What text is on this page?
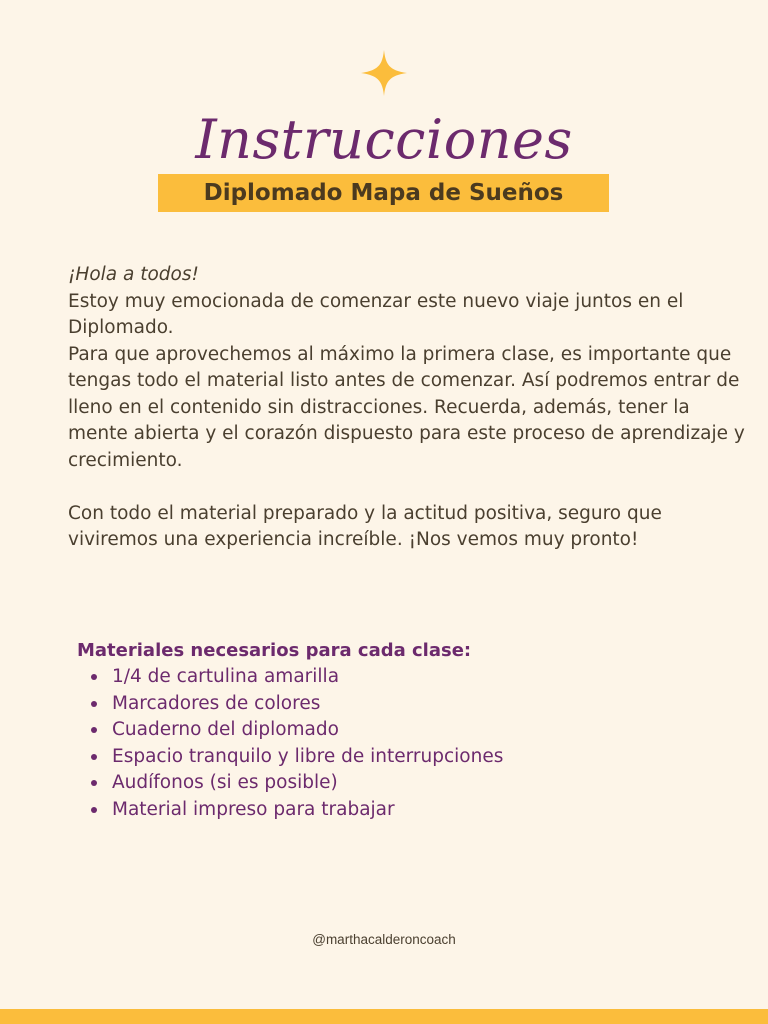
Instrucciones
Diplomado Mapa de Sueños

¡Hola a todos!

Estoy muy emocionada de comenzar este nuevo viaje juntos en el Diplomado.

Para que aprovechemos al máximo la primera clase, es importante que tengas todo el material listo antes de comenzar. Así podremos entrar de lleno en el contenido sin distracciones. Recuerda, además, tener la mente abierta y el corazón dispuesto para este proceso de aprendizaje y crecimiento.

Con todo el material preparado y la actitud positiva, seguro que viviremos una experiencia increíble. ¡Nos vemos muy pronto!

Materiales necesarios para cada clase:

1/4 de cartulina amarilla
Marcadores de colores
Cuaderno del diplomado
Espacio tranquilo y libre de interrupciones
Audífonos (si es posible)
Material impreso para trabajar
@marthacalderoncoach
